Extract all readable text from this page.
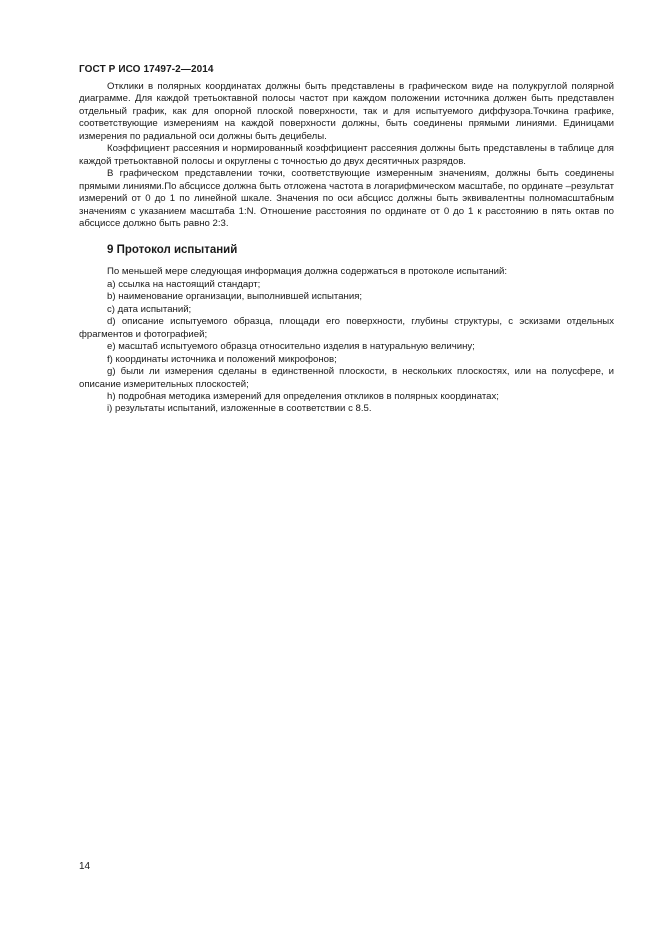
ГОСТ Р ИСО 17497-2—2014

Отклики в полярных координатах должны быть представлены в графическом виде на полукруглой полярной диаграмме. Для каждой третьоктавной полосы частот при каждом положении источника должен быть представлен отдельный график, как для опорной плоской поверхности, так и для испытуемого диффузора.Точкина графике, соответствующие измерениям на каждой поверхности должны, быть соединены прямыми линиями. Единицами измерения по радиальной оси должны быть децибелы.

Коэффициент рассеяния и нормированный коэффициент рассеяния должны быть представлены в таблице для каждой третьоктавной полосы и округлены с точностью до двух десятичных разрядов.

В графическом представлении точки, соответствующие измеренным значениям, должны быть соединены прямыми линиями.По абсциссе должна быть отложена частота в логарифмическом масштабе, по ординате –результат измерений от 0 до 1 по линейной шкале. Значения по оси абсцисс должны быть эквивалентны полномасштабным значениям с указанием масштаба 1:N. Отношение расстояния по ординате от 0 до 1 к расстоянию в пять октав по абсциссе должно быть равно 2:3.

9 Протокол испытаний

По меньшей мере следующая информация должна содержаться в протоколе испытаний:

а) ссылка на настоящий стандарт;

b) наименование организации, выполнившей испытания;

c) дата испытаний;

d) описание испытуемого образца, площади его поверхности, глубины структуры, с эскизами отдельных фрагментов и фотографией;

e) масштаб испытуемого образца относительно изделия в натуральную величину;

f) координаты источника и положений микрофонов;

g) были ли измерения сделаны в единственной плоскости, в нескольких плоскостях, или на полусфере, и описание измерительных плоскостей;

h) подробная методика измерений для определения откликов в полярных координатах;

i) результаты испытаний, изложенные в соответствии с 8.5.

14
